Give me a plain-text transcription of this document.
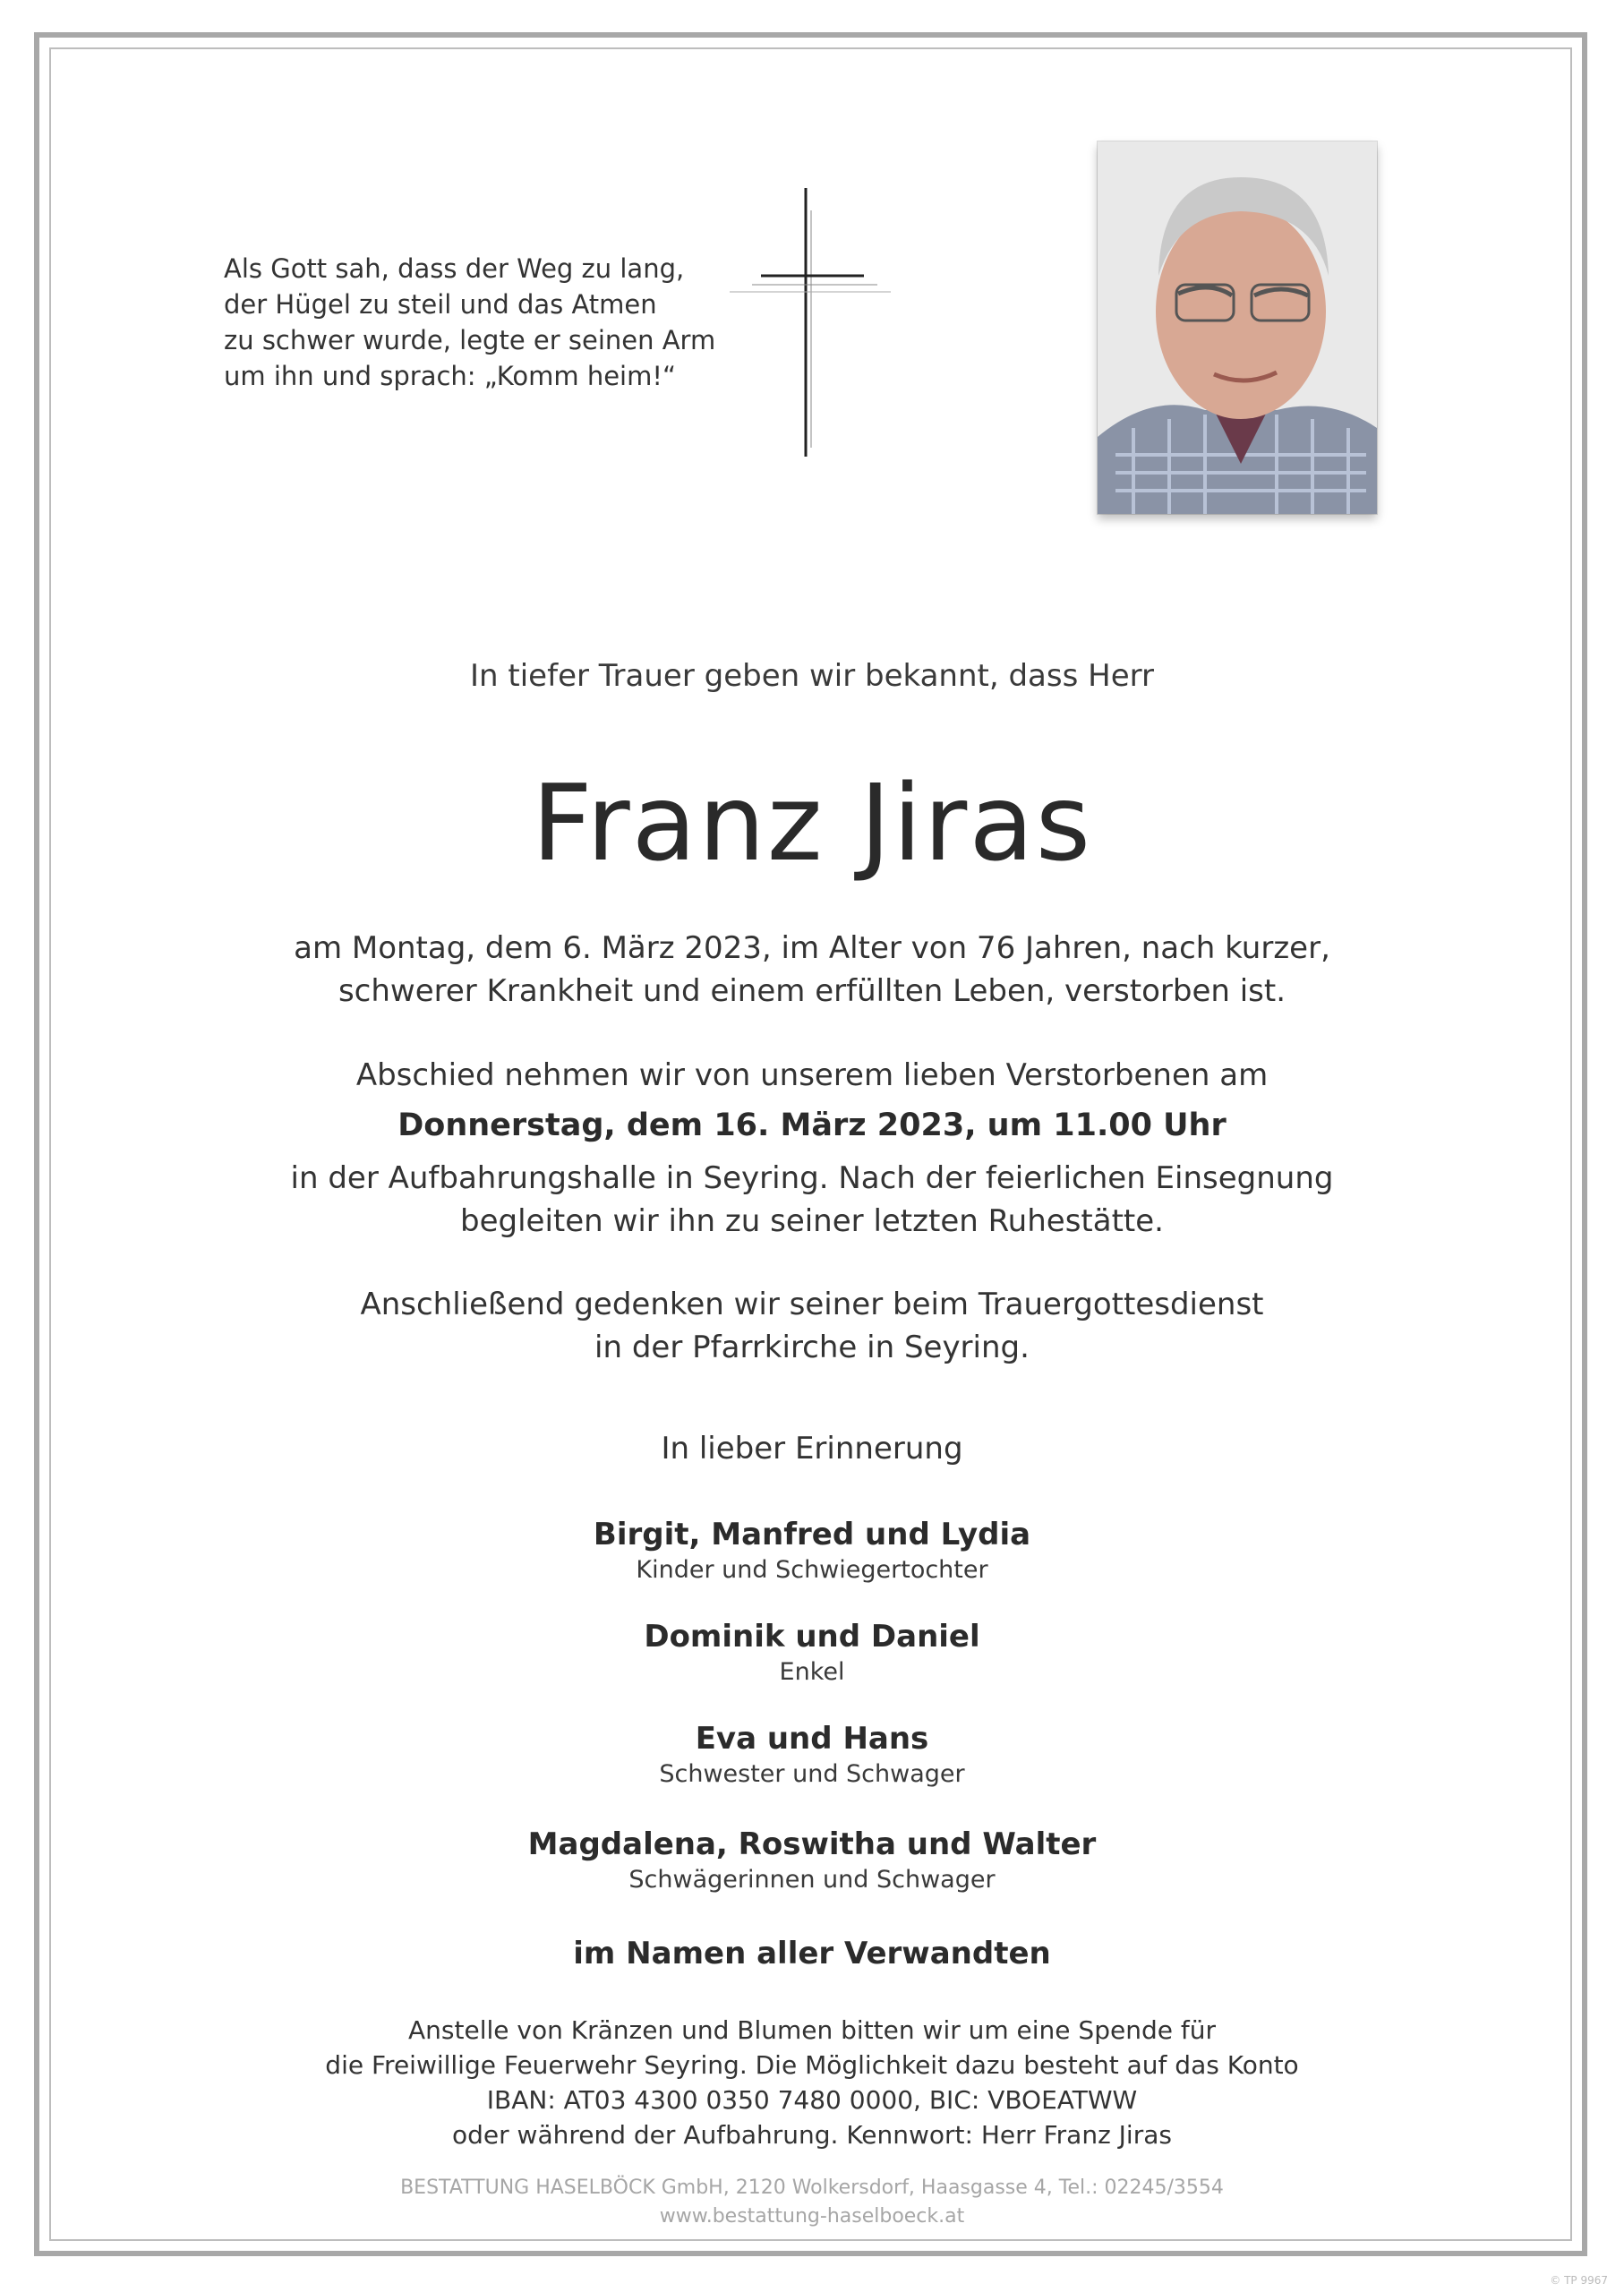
Als Gott sah, dass der Weg zu lang,
der Hügel zu steil und das Atmen
zu schwer wurde, legte er seinen Arm
um ihn und sprach: „Komm heim!“
In tiefer Trauer geben wir bekannt, dass Herr
Franz Jiras
am Montag, dem 6. März 2023, im Alter von 76 Jahren, nach kurzer,
schwerer Krankheit und einem erfüllten Leben, verstorben ist.
Abschied nehmen wir von unserem lieben Verstorbenen am
Donnerstag, dem 16. März 2023, um 11.00 Uhr
in der Aufbahrungshalle in Seyring. Nach der feierlichen Einsegnung
begleiten wir ihn zu seiner letzten Ruhestätte.
Anschließend gedenken wir seiner beim Trauergottesdienst
in der Pfarrkirche in Seyring.
In lieber Erinnerung
Birgit, Manfred und Lydia
Kinder und Schwiegertochter
Dominik und Daniel
Enkel
Eva und Hans
Schwester und Schwager
Magdalena, Roswitha und Walter
Schwägerinnen und Schwager
im Namen aller Verwandten
Anstelle von Kränzen und Blumen bitten wir um eine Spende für
die Freiwillige Feuerwehr Seyring. Die Möglichkeit dazu besteht auf das Konto
IBAN: AT03 4300 0350 7480 0000, BIC: VBOEATWW
oder während der Aufbahrung. Kennwort: Herr Franz Jiras
BESTATTUNG HASELBÖCK GmbH, 2120 Wolkersdorf, Haasgasse 4, Tel.: 02245/3554
www.bestattung-haselboeck.at
© TP 9967
